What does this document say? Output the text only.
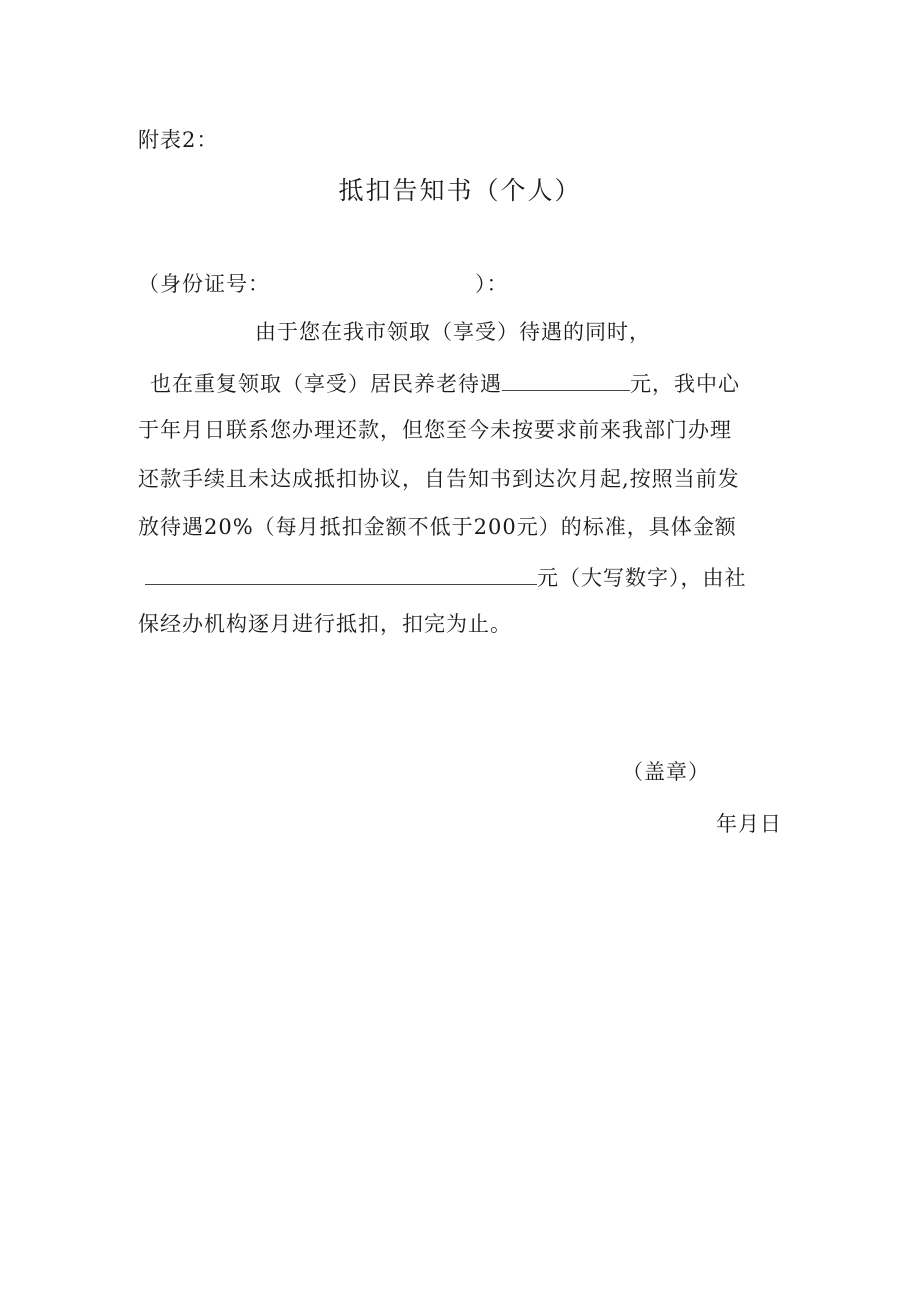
附表2：
抵扣告知书（个人）
（身份证号：	）：
由于您在我市领取（享受）待遇的同时，
也在重复领取（享受）居民养老待遇	元，我中心
于年月日联系您办理还款，但您至今未按要求前来我部门办理
还款手续且未达成抵扣协议，自告知书到达次月起,按照当前发
放待遇20%（每月抵扣金额不低于200元）的标准，具体金额
元（大写数字），由社
保经办机构逐月进行抵扣，扣完为止。
（盖章）
年月日
